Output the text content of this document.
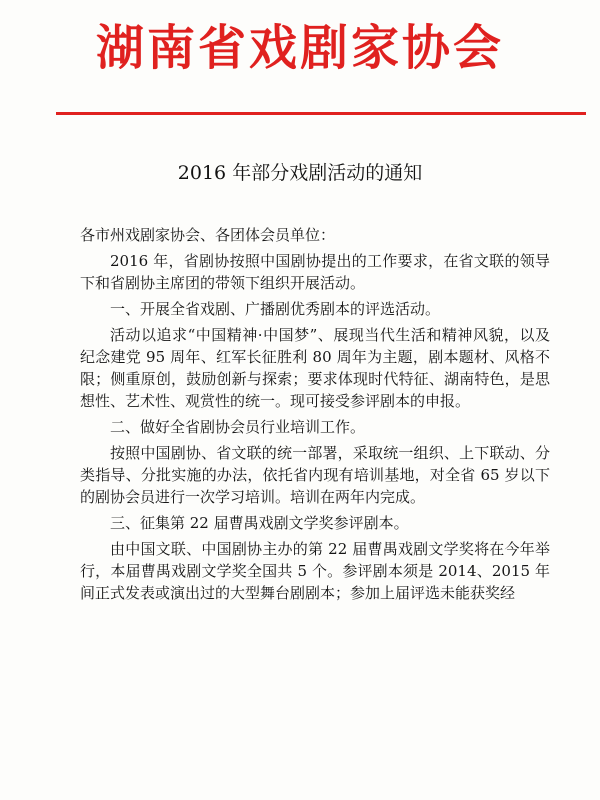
湖南省戏剧家协会
2016 年部分戏剧活动的通知

各市州戏剧家协会、各团体会员单位：

2016 年，省剧协按照中国剧协提出的工作要求，在省文联的领导下和省剧协主席团的带领下组织开展活动。

一、开展全省戏剧、广播剧优秀剧本的评选活动。

活动以追求“中国精神·中国梦”、展现当代生活和精神风貌，以及纪念建党 95 周年、红军长征胜利 80 周年为主题，剧本题材、风格不限；侧重原创，鼓励创新与探索；要求体现时代特征、湖南特色，是思想性、艺术性、观赏性的统一。现可接受参评剧本的申报。

二、做好全省剧协会员行业培训工作。

按照中国剧协、省文联的统一部署，采取统一组织、上下联动、分类指导、分批实施的办法，依托省内现有培训基地，对全省 65 岁以下的剧协会员进行一次学习培训。培训在两年内完成。

三、征集第 22 届曹禺戏剧文学奖参评剧本。

由中国文联、中国剧协主办的第 22 届曹禺戏剧文学奖将在今年举行，本届曹禺戏剧文学奖全国共 5 个。参评剧本须是 2014、2015 年间正式发表或演出过的大型舞台剧剧本；参加上届评选未能获奖经
